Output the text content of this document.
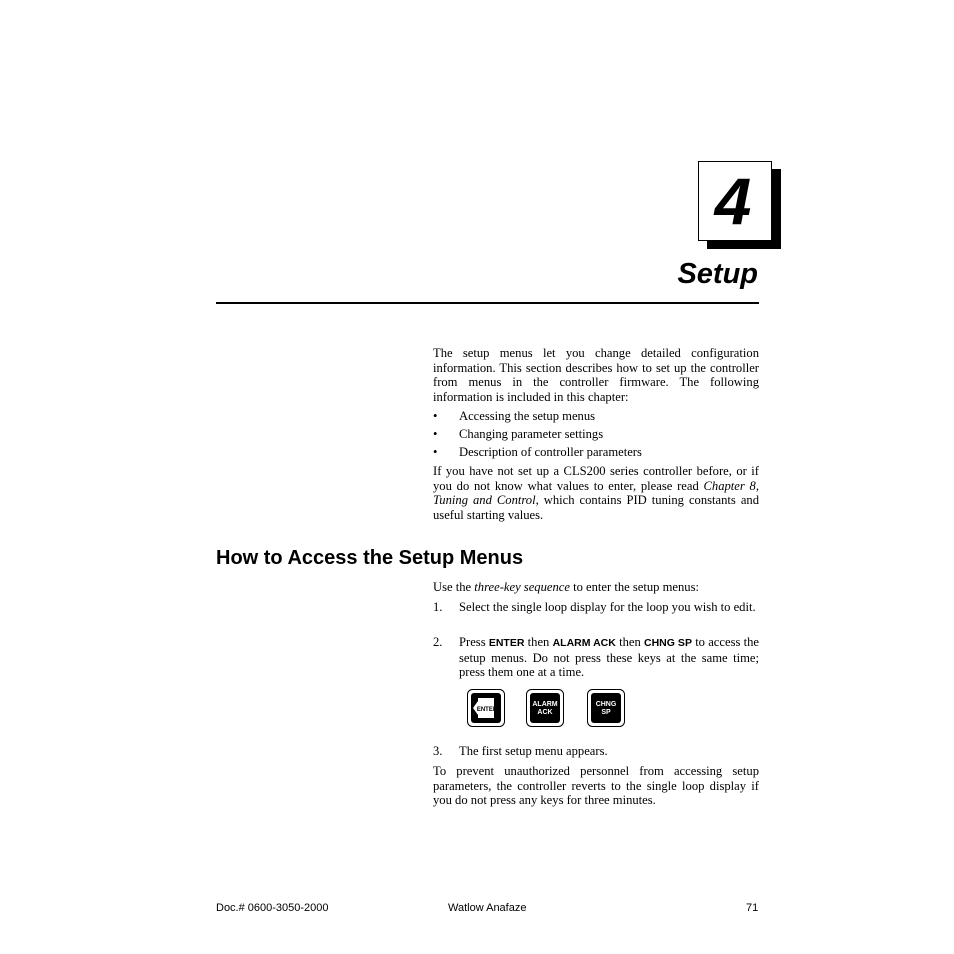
4
Setup

The setup menus let you change detailed configuration information. This section describes how to set up the controller from menus in the controller firmware. The following information is included in this chapter:

• Accessing the setup menus
• Changing parameter settings
• Description of controller parameters

If you have not set up a CLS200 series controller before, or if you do not know what values to enter, please read Chapter 8, Tuning and Control, which contains PID tuning constants and useful starting values.

How to Access the Setup Menus

Use the three-key sequence to enter the setup menus:

1. Select the single loop display for the loop you wish to edit.
2. Press ENTER then ALARM ACK then CHNG SP to access the setup menus. Do not press these keys at the same time; press them one at a time.
ENTER
ALARM
ACK
CHNG
SP
3. The first setup menu appears.

To prevent unauthorized personnel from accessing setup parameters, the controller reverts to the single loop display if you do not press any keys for three minutes.

Doc.# 0600-3050-2000	Watlow Anafaze	71
